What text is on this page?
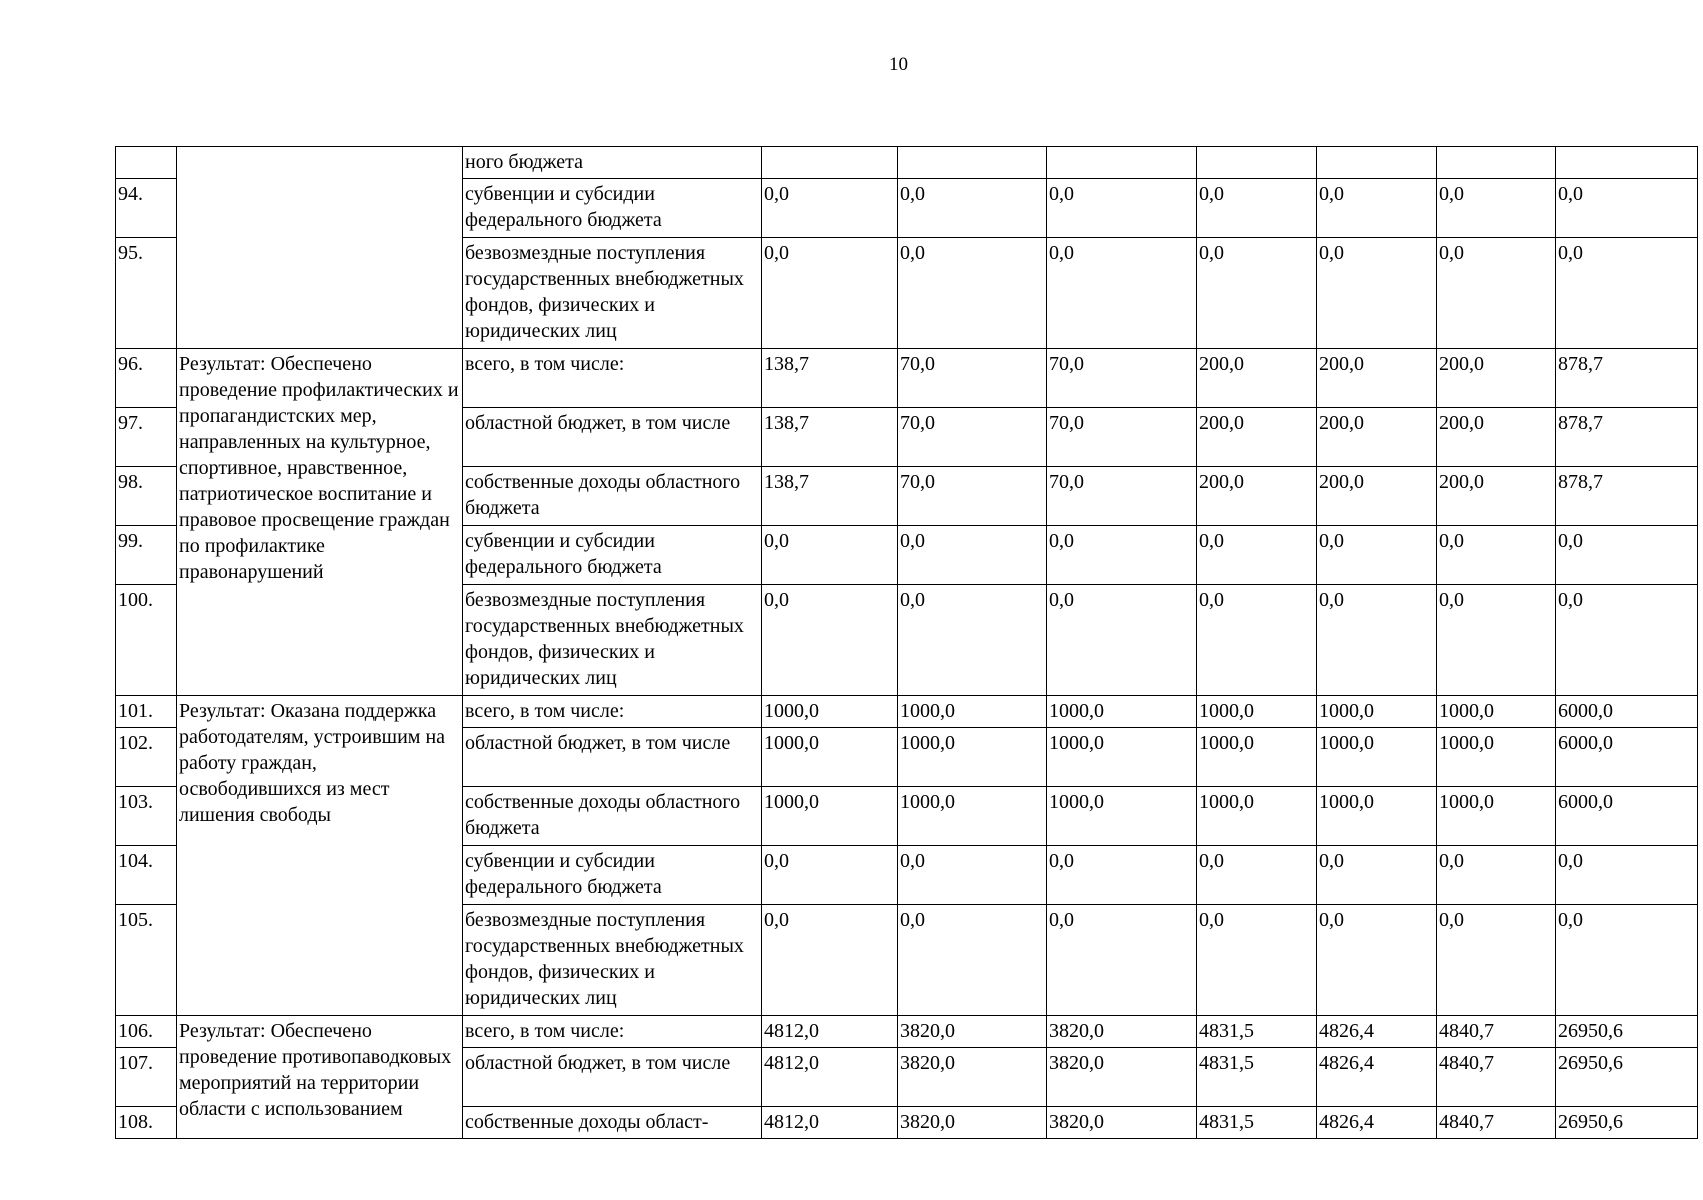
10
		ного бюджета							
94.		субвенции и субсидии федерального бюджета	0,0	0,0	0,0	0,0	0,0	0,0	0,0
95.		безвозмездные поступления государственных внебюджетных фондов, физических и юридических лиц	0,0	0,0	0,0	0,0	0,0	0,0	0,0
96.	Результат: Обеспечено проведение профилактических и пропагандистских мер, направленных на культурное, спортивное, нравственное, патриотическое воспитание и правовое просвещение граждан по профилактике правонарушений	всего, в том числе:	138,7	70,0	70,0	200,0	200,0	200,0	878,7
97.		областной бюджет, в том числе	138,7	70,0	70,0	200,0	200,0	200,0	878,7
98.		собственные доходы областного бюджета	138,7	70,0	70,0	200,0	200,0	200,0	878,7
99.		субвенции и субсидии федерального бюджета	0,0	0,0	0,0	0,0	0,0	0,0	0,0
100.		безвозмездные поступления государственных внебюджетных фондов, физических и юридических лиц	0,0	0,0	0,0	0,0	0,0	0,0	0,0
101.	Результат: Оказана поддержка работодателям, устроившим на работу граждан, освободившихся из мест лишения свободы	всего, в том числе:	1000,0	1000,0	1000,0	1000,0	1000,0	1000,0	6000,0
102.		областной бюджет, в том числе	1000,0	1000,0	1000,0	1000,0	1000,0	1000,0	6000,0
103.		собственные доходы областного бюджета	1000,0	1000,0	1000,0	1000,0	1000,0	1000,0	6000,0
104.		субвенции и субсидии федерального бюджета	0,0	0,0	0,0	0,0	0,0	0,0	0,0
105.		безвозмездные поступления государственных внебюджетных фондов, физических и юридических лиц	0,0	0,0	0,0	0,0	0,0	0,0	0,0
106.	Результат: Обеспечено проведение противопаводковых мероприятий на территории области с использованием	всего, в том числе:	4812,0	3820,0	3820,0	4831,5	4826,4	4840,7	26950,6
107.		областной бюджет, в том числе	4812,0	3820,0	3820,0	4831,5	4826,4	4840,7	26950,6
108.		собственные доходы област-	4812,0	3820,0	3820,0	4831,5	4826,4	4840,7	26950,6
